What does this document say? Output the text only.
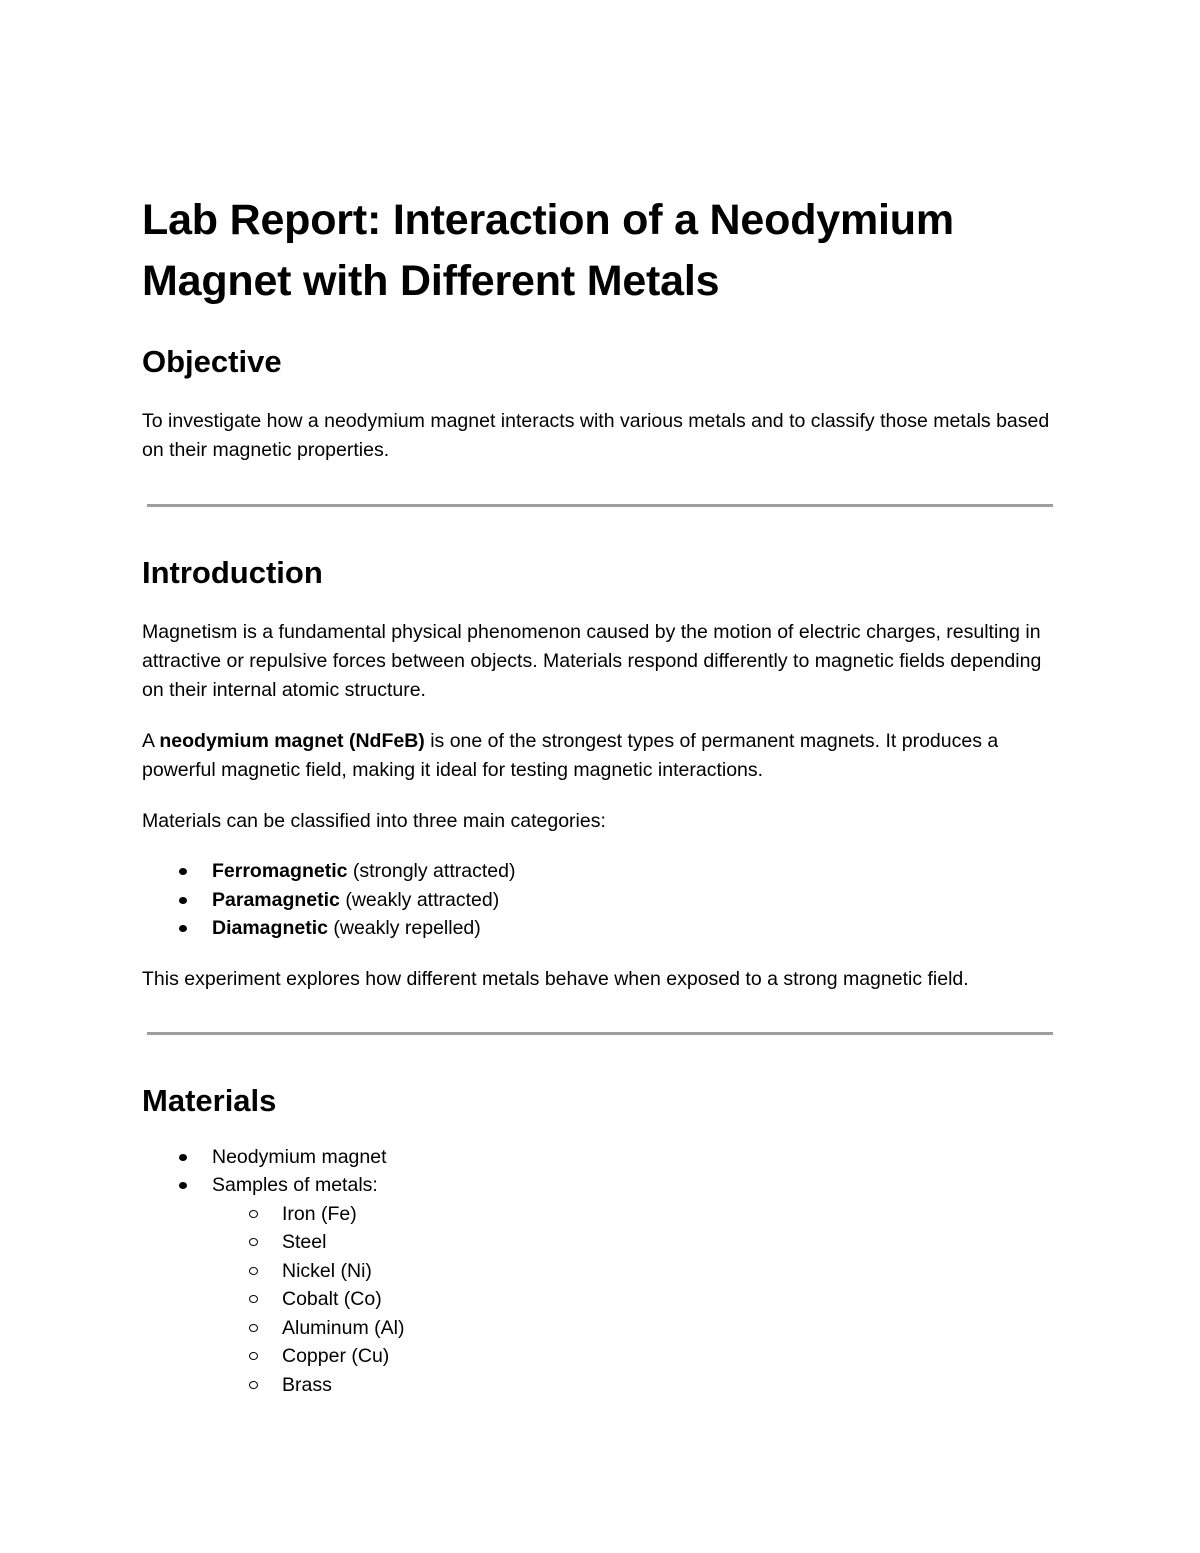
Lab Report: Interaction of a Neodymium Magnet with Different Metals
Objective

To investigate how a neodymium magnet interacts with various metals and to classify those metals based on their magnetic properties.

Introduction

Magnetism is a fundamental physical phenomenon caused by the motion of electric charges, resulting in attractive or repulsive forces between objects. Materials respond differently to magnetic fields depending on their internal atomic structure.

A neodymium magnet (NdFeB) is one of the strongest types of permanent magnets. It produces a powerful magnetic field, making it ideal for testing magnetic interactions.

Materials can be classified into three main categories:

Ferromagnetic (strongly attracted)
Paramagnetic (weakly attracted)
Diamagnetic (weakly repelled)

This experiment explores how different metals behave when exposed to a strong magnetic field.

Materials
Neodymium magnet
Samples of metals:
Iron (Fe)
Steel
Nickel (Ni)
Cobalt (Co)
Aluminum (Al)
Copper (Cu)
Brass
